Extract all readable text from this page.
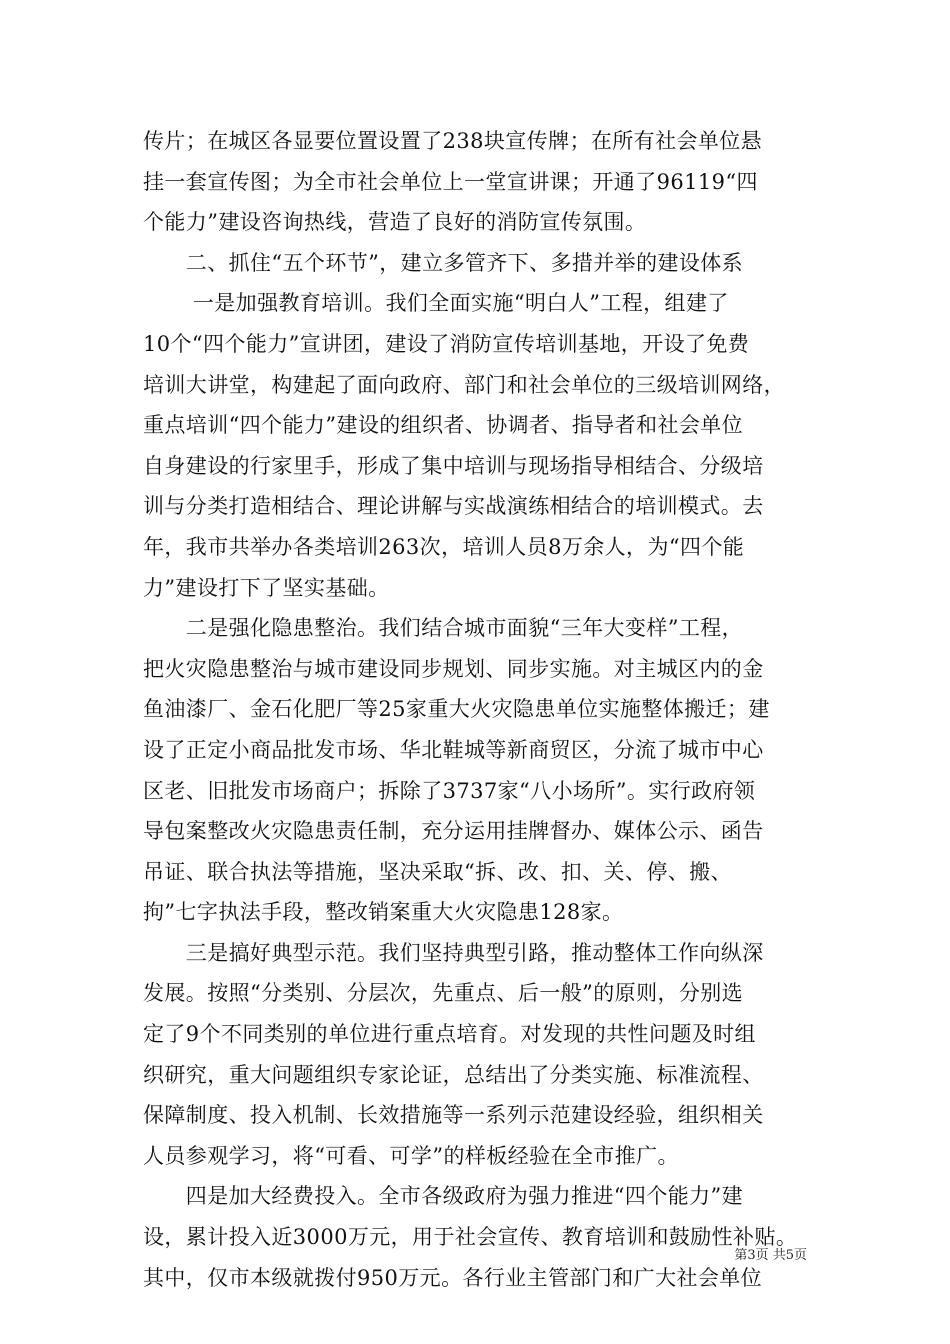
传片；在城区各显要位置设置了238块宣传牌；在所有社会单位悬
挂一套宣传图；为全市社会单位上一堂宣讲课；开通了96119“四
个能力”建设咨询热线，营造了良好的消防宣传氛围。
　　二、抓住“五个环节”，建立多管齐下、多措并举的建设体系
　　 一是加强教育培训。我们全面实施“明白人”工程，组建了
10个“四个能力”宣讲团，建设了消防宣传培训基地，开设了免费
培训大讲堂，构建起了面向政府、部门和社会单位的三级培训网络，
重点培训“四个能力”建设的组织者、协调者、指导者和社会单位
自身建设的行家里手，形成了集中培训与现场指导相结合、分级培
训与分类打造相结合、理论讲解与实战演练相结合的培训模式。去
年，我市共举办各类培训263次，培训人员8万余人，为“四个能
力”建设打下了坚实基础。
　　二是强化隐患整治。我们结合城市面貌“三年大变样”工程，
把火灾隐患整治与城市建设同步规划、同步实施。对主城区内的金
鱼油漆厂、金石化肥厂等25家重大火灾隐患单位实施整体搬迁；建
设了正定小商品批发市场、华北鞋城等新商贸区，分流了城市中心
区老、旧批发市场商户；拆除了3737家“八小场所”。实行政府领
导包案整改火灾隐患责任制，充分运用挂牌督办、媒体公示、函告
吊证、联合执法等措施，坚决采取“拆、改、扣、关、停、搬、
拘”七字执法手段，整改销案重大火灾隐患128家。
　　三是搞好典型示范。我们坚持典型引路，推动整体工作向纵深
发展。按照“分类别、分层次，先重点、后一般”的原则，分别选
定了9个不同类别的单位进行重点培育。对发现的共性问题及时组
织研究，重大问题组织专家论证，总结出了分类实施、标准流程、
保障制度、投入机制、长效措施等一系列示范建设经验，组织相关
人员参观学习，将“可看、可学”的样板经验在全市推广。
　　四是加大经费投入。全市各级政府为强力推进“四个能力”建
设，累计投入近3000万元，用于社会宣传、教育培训和鼓励性补贴。
其中，仅市本级就拨付950万元。各行业主管部门和广大社会单位
第3页 共5页
